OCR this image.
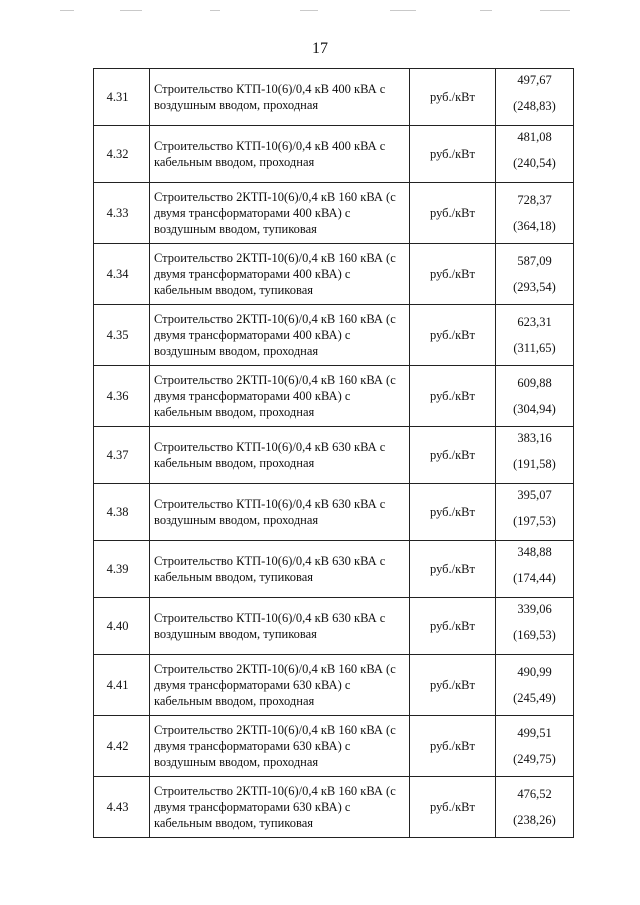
17
4.31	Строительство КТП-10(6)/0,4 кВ 400 кВА с воздушным вводом, проходная	руб./кВт	497,67
(248,83)

4.32	Строительство КТП-10(6)/0,4 кВ 400 кВА с кабельным вводом, проходная	руб./кВт	481,08
(240,54)

4.33	Строительство 2КТП-10(6)/0,4 кВ 160 кВА (с двумя трансформаторами 400 кВА) с воздушным вводом, тупиковая	руб./кВт	728,37
(364,18)

4.34	Строительство 2КТП-10(6)/0,4 кВ 160 кВА (с двумя трансформаторами 400 кВА) с кабельным вводом, тупиковая	руб./кВт	587,09
(293,54)

4.35	Строительство 2КТП-10(6)/0,4 кВ 160 кВА (с двумя трансформаторами 400 кВА) с воздушным вводом, проходная	руб./кВт	623,31
(311,65)

4.36	Строительство 2КТП-10(6)/0,4 кВ 160 кВА (с двумя трансформаторами 400 кВА) с кабельным вводом, проходная	руб./кВт	609,88
(304,94)

4.37	Строительство КТП-10(6)/0,4 кВ 630 кВА с кабельным вводом, проходная	руб./кВт	383,16
(191,58)

4.38	Строительство КТП-10(6)/0,4 кВ 630 кВА с воздушным вводом, проходная	руб./кВт	395,07
(197,53)

4.39	Строительство КТП-10(6)/0,4 кВ 630 кВА с кабельным вводом, тупиковая	руб./кВт	348,88
(174,44)

4.40	Строительство КТП-10(6)/0,4 кВ 630 кВА с воздушным вводом, тупиковая	руб./кВт	339,06
(169,53)

4.41	Строительство 2КТП-10(6)/0,4 кВ 160 кВА (с двумя трансформаторами 630 кВА) с кабельным вводом, проходная	руб./кВт	490,99
(245,49)

4.42	Строительство 2КТП-10(6)/0,4 кВ 160 кВА (с двумя трансформаторами 630 кВА) с воздушным вводом, проходная	руб./кВт	499,51
(249,75)

4.43	Строительство 2КТП-10(6)/0,4 кВ 160 кВА (с двумя трансформаторами 630 кВА) с кабельным вводом, тупиковая	руб./кВт	476,52
(238,26)
